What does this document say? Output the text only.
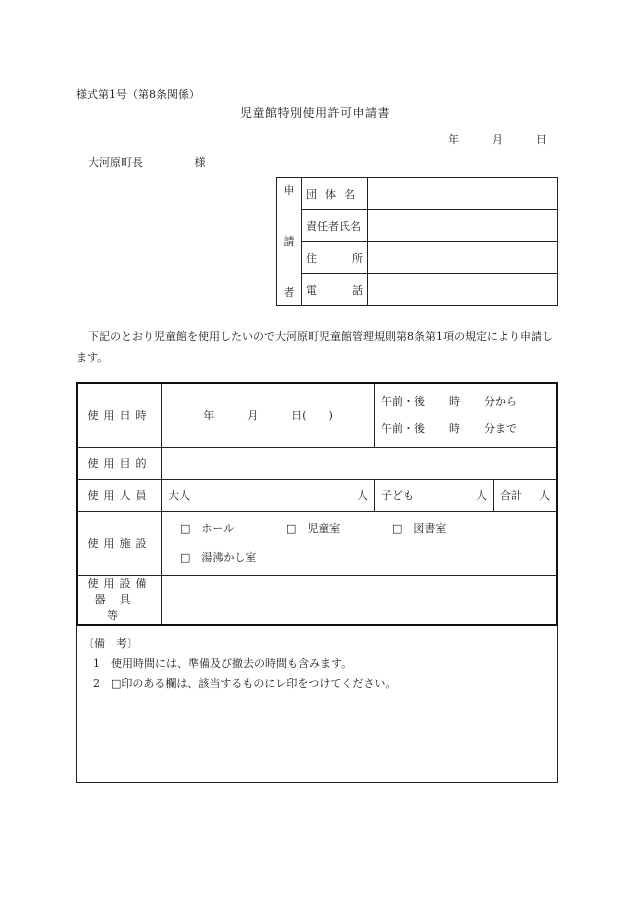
様式第1号（第8条関係）
児童館特別使用許可申請書
年	月	日
大河原町長	様
申
請
者	団体名	
	責任者氏名	

	住 所	

	電 話	

下記のとおり児童館を使用したいので大河原町児童館管理規則第8条第1項の規定により申請します。
使用日時	年 月 日(　　)	午前・後 時 分から
午前・後 時 分まで	

使用目的			
使用人員	大人 人	子ども 人	合計 人

使用施設	□　 ホール □　 児童室 □　 図書室
□　 湯沸かし室		

使用設備
器具等			

〔備　考〕
1　 使用時間には、準備及び撤去の時間も含みます。
2　 □印のある欄は、該当するものにレ印をつけてください。
